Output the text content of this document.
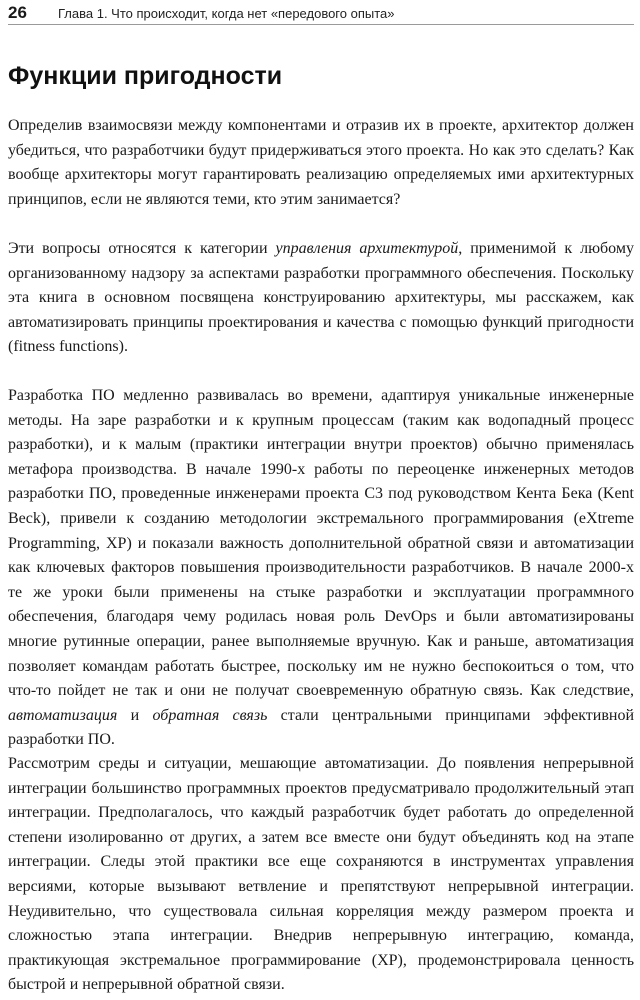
26	Глава 1. Что происходит, когда нет «передового опыта»
Функции пригодности

Определив взаимосвязи между компонентами и отразив их в проекте, архитектор должен убедиться, что разработчики будут придерживаться этого проекта. Но как это сделать? Как вообще архитекторы могут гарантировать реализацию определяемых ими архитектурных принципов, если не являются теми, кто этим занимается?

Эти вопросы относятся к категории управления архитектурой, применимой к любому организованному надзору за аспектами разработки программного обеспечения. Поскольку эта книга в основном посвящена конструированию архитектуры, мы расскажем, как автоматизировать принципы проектирования и качества с помощью функций пригодности (fitness functions).

Разработка ПО медленно развивалась во времени, адаптируя уникальные инженерные методы. На заре разработки и к крупным процессам (таким как водопадный процесс разработки), и к малым (практики интеграции внутри проектов) обычно применялась метафора производства. В начале 1990-х работы по переоценке инженерных методов разработки ПО, проведенные инженерами проекта C3 под руководством Кента Бека (Kent Beck), привели к созданию методологии экстремального программирования (eXtreme Programming, XP) и показали важность дополнительной обратной связи и автоматизации как ключевых факторов повышения производительности разработчиков. В начале 2000-х те же уроки были применены на стыке разработки и эксплуатации программного обеспечения, благодаря чему родилась новая роль DevOps и были автоматизированы многие рутинные операции, ранее выполняемые вручную. Как и раньше, автоматизация позволяет командам работать быстрее, поскольку им не нужно беспокоиться о том, что что-то пойдет не так и они не получат своевременную обратную связь. Как следствие, автоматизация и обратная связь стали центральными принципами эффективной разработки ПО.

Рассмотрим среды и ситуации, мешающие автоматизации. До появления непрерывной интеграции большинство программных проектов предусматривало продолжительный этап интеграции. Предполагалось, что каждый разработчик будет работать до определенной степени изолированно от других, а затем все вместе они будут объединять код на этапе интеграции. Следы этой практики все еще сохраняются в инструментах управления версиями, которые вызывают ветвление и препятствуют непрерывной интеграции. Неудивительно, что существовала сильная корреляция между размером проекта и сложностью этапа интеграции. Внедрив непрерывную интеграцию, команда, практикующая экстремальное программирование (XP), продемонстрировала ценность быстрой и непрерывной обратной связи.
